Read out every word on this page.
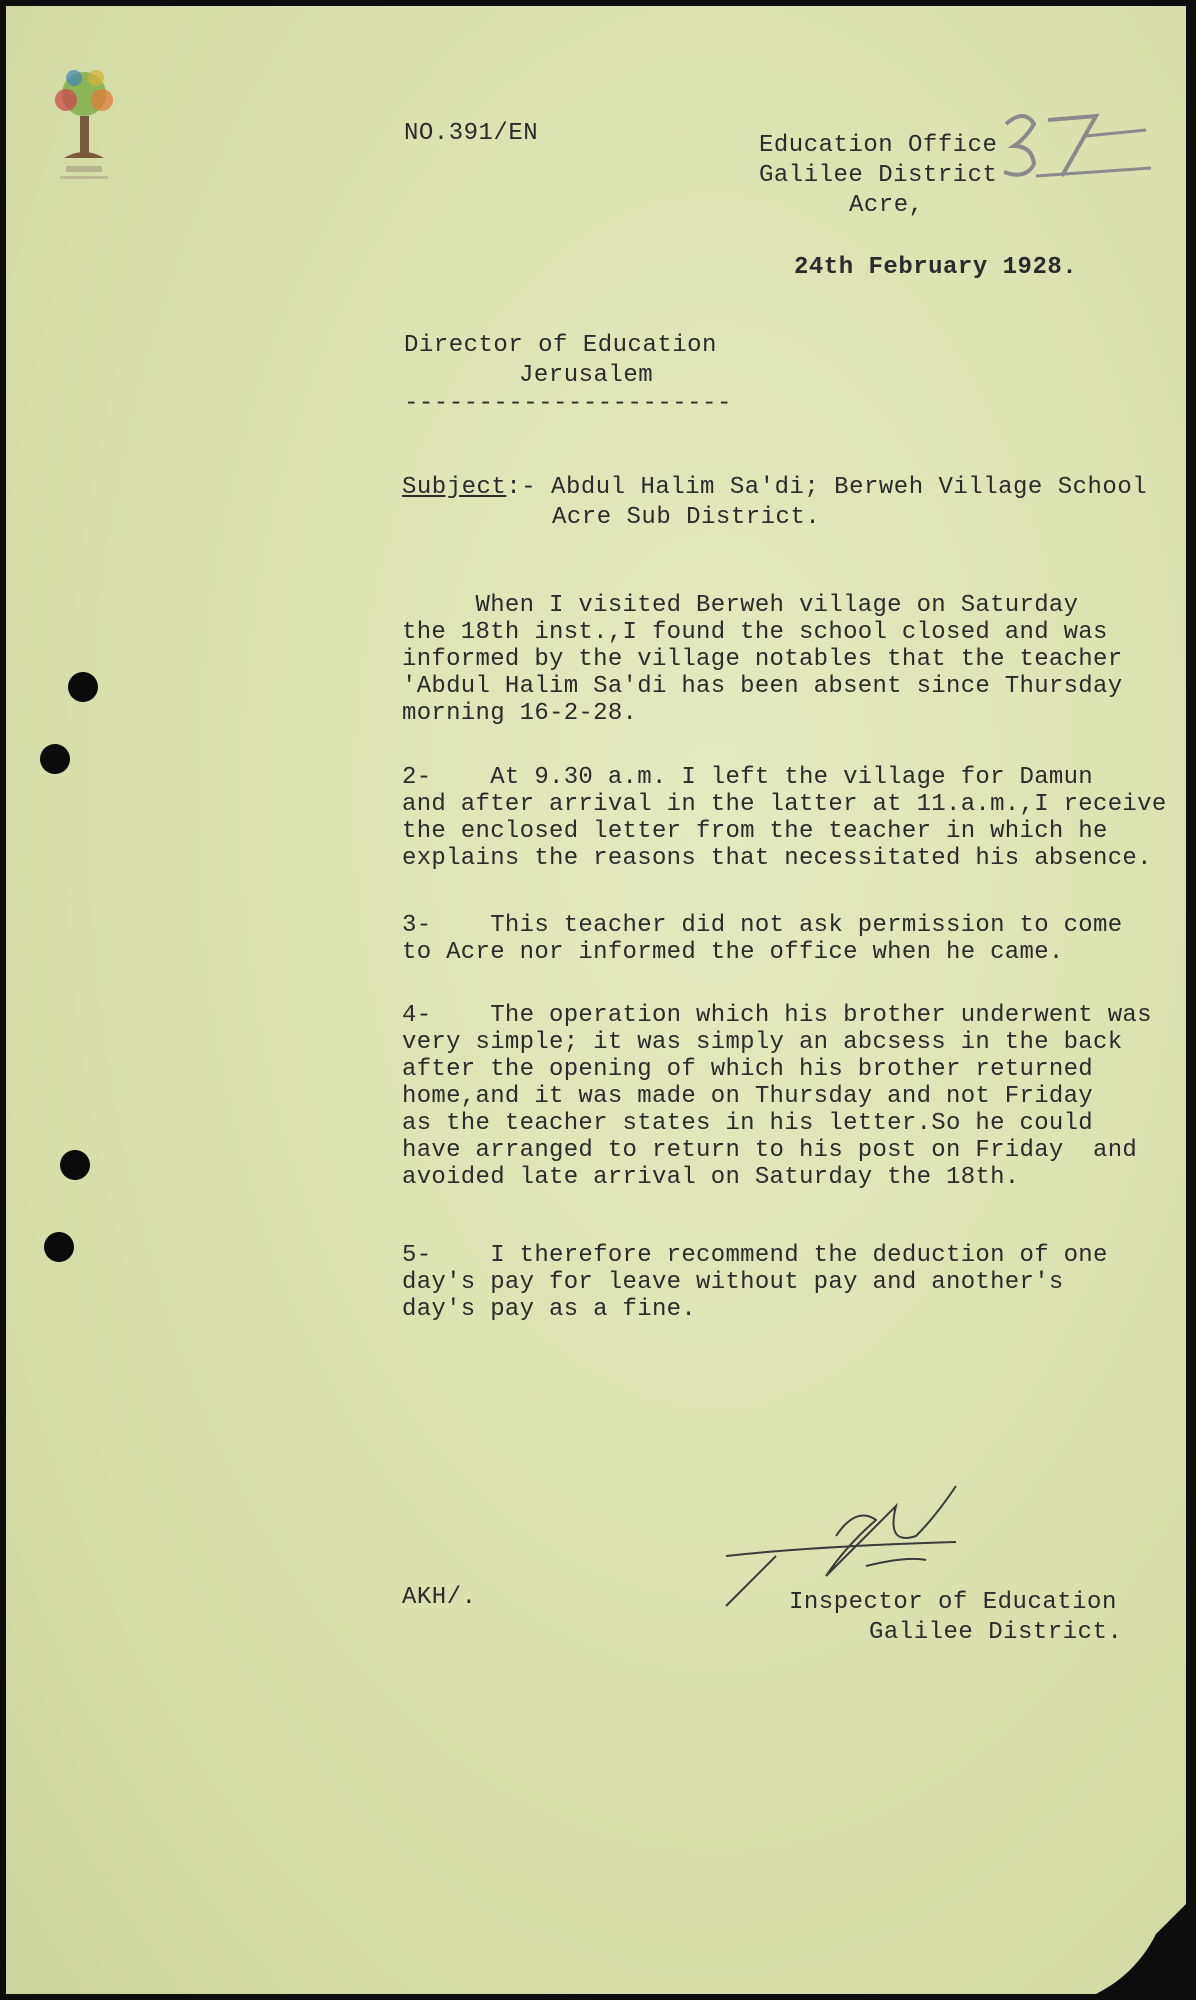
NO.391/EN	Education Office
Galilee District
Acre,
24th February 1928.
Director of Education
Jerusalem
----------------------
Subject:- Abdul Halim Sa'di; Berweh Village School
Acre Sub District.
When I visited Berweh village on Saturday
the 18th inst.,I found the school closed and was
informed by the village notables that the teacher
'Abdul Halim Sa'di has been absent since Thursday
morning 16-2-28.
2-    At 9.30 a.m. I left the village for Damun
and after arrival in the latter at 11.a.m.,I receive
the enclosed letter from the teacher in which he
explains the reasons that necessitated his absence.
3-    This teacher did not ask permission to come
to Acre nor informed the office when he came.
4-    The operation which his brother underwent was
very simple; it was simply an abcsess in the back
after the opening of which his brother returned
home,and it was made on Thursday and not Friday
as the teacher states in his letter.So he could
have arranged to return to his post on Friday  and
avoided late arrival on Saturday the 18th.
5-    I therefore recommend the deduction of one
day's pay for leave without pay and another's
day's pay as a fine.
AKH/.	Inspector of Education
Galilee District.
